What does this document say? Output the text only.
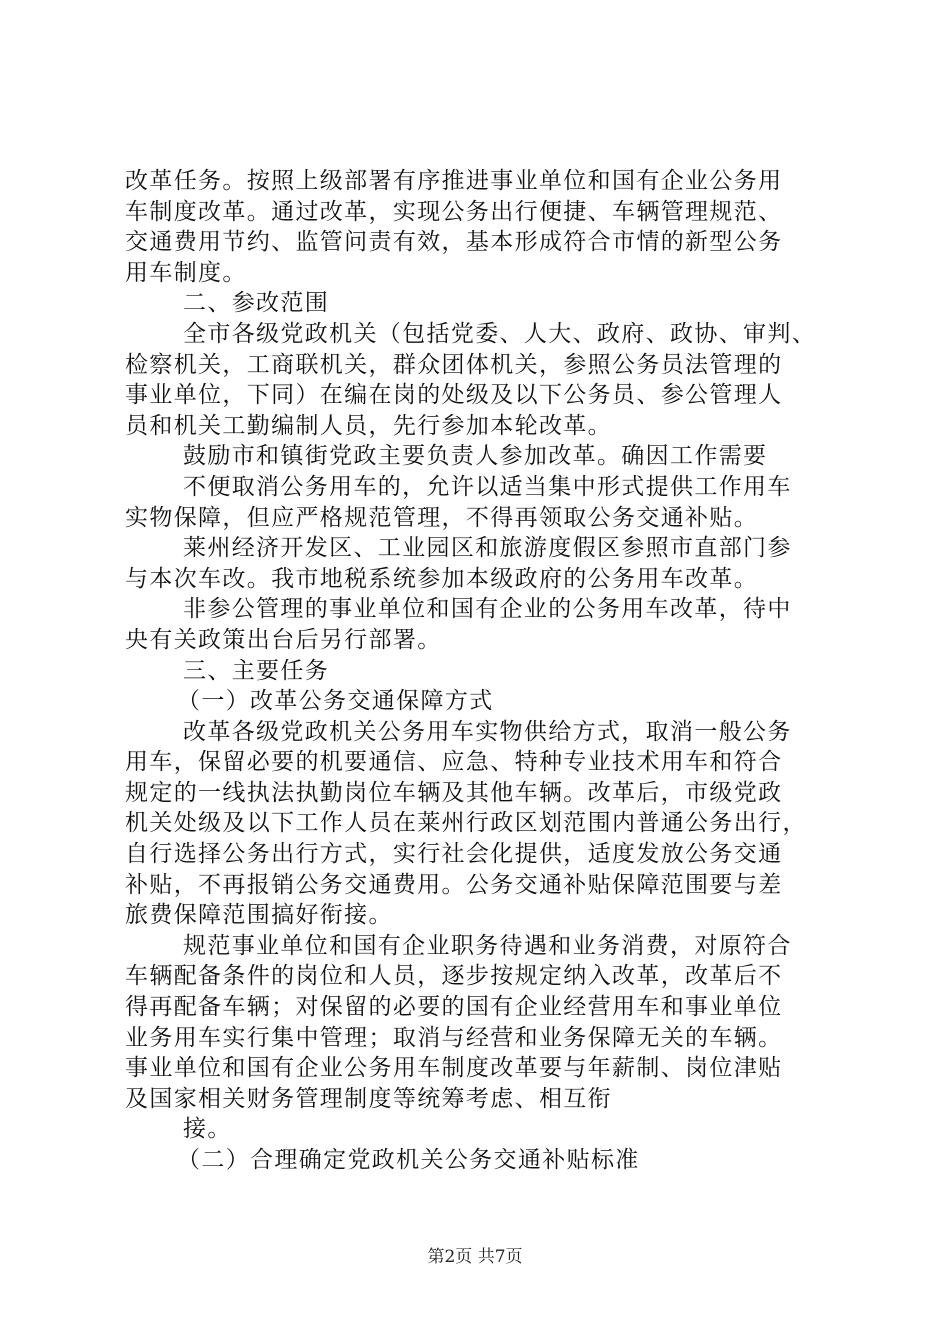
改革任务。按照上级部署有序推进事业单位和国有企业公务用
车制度改革。通过改革，实现公务出行便捷、车辆管理规范、
交通费用节约、监管问责有效，基本形成符合市情的新型公务
用车制度。
二、参改范围
全市各级党政机关（包括党委、人大、政府、政协、审判、
检察机关，工商联机关，群众团体机关，参照公务员法管理的
事业单位，下同）在编在岗的处级及以下公务员、参公管理人
员和机关工勤编制人员，先行参加本轮改革。
鼓励市和镇街党政主要负责人参加改革。确因工作需要
不便取消公务用车的，允许以适当集中形式提供工作用车
实物保障，但应严格规范管理，不得再领取公务交通补贴。
莱州经济开发区、工业园区和旅游度假区参照市直部门参
与本次车改。我市地税系统参加本级政府的公务用车改革。
非参公管理的事业单位和国有企业的公务用车改革，待中
央有关政策出台后另行部署。
三、主要任务
（一）改革公务交通保障方式
改革各级党政机关公务用车实物供给方式，取消一般公务
用车，保留必要的机要通信、应急、特种专业技术用车和符合
规定的一线执法执勤岗位车辆及其他车辆。改革后，市级党政
机关处级及以下工作人员在莱州行政区划范围内普通公务出行，
自行选择公务出行方式，实行社会化提供，适度发放公务交通
补贴，不再报销公务交通费用。公务交通补贴保障范围要与差
旅费保障范围搞好衔接。
规范事业单位和国有企业职务待遇和业务消费，对原符合
车辆配备条件的岗位和人员，逐步按规定纳入改革，改革后不
得再配备车辆；对保留的必要的国有企业经营用车和事业单位
业务用车实行集中管理；取消与经营和业务保障无关的车辆。
事业单位和国有企业公务用车制度改革要与年薪制、岗位津贴
及国家相关财务管理制度等统筹考虑、相互衔
接。
（二）合理确定党政机关公务交通补贴标准
第2页 共7页
